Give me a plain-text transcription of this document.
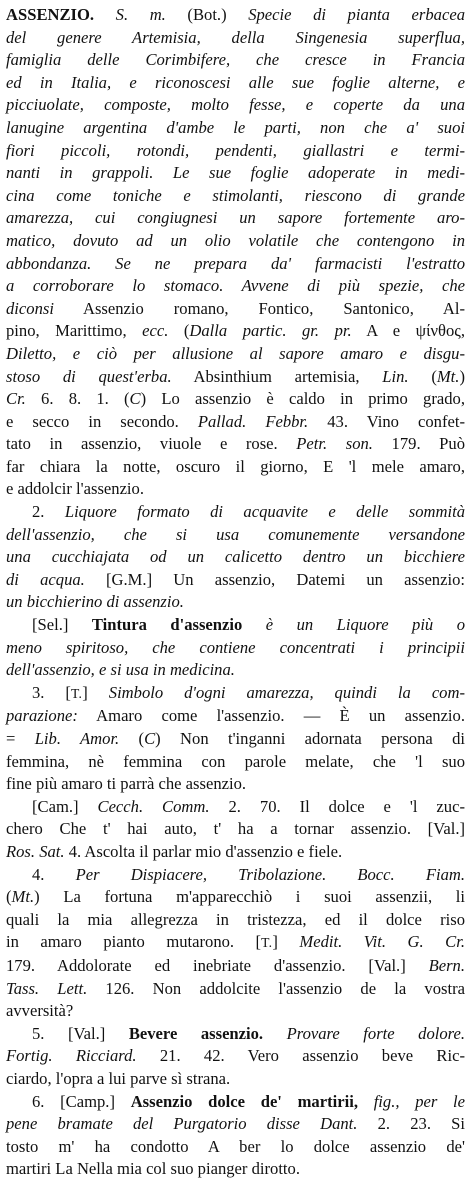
ASSENZIO. S. m. (Bot.) Specie di pianta erbacea
del genere Artemisia, della Singenesia superflua,
famiglia delle Corimbifere, che cresce in Francia
ed in Italia, e riconoscesi alle sue foglie alterne, e
picciuolate, composte, molto fesse, e coperte da una
lanugine argentina d'ambe le parti, non che a' suoi
fiori piccoli, rotondi, pendenti, giallastri e termi-
nanti in grappoli. Le sue foglie adoperate in medi-
cina come toniche e stimolanti, riescono di grande
amarezza, cui congiugnesi un sapore fortemente aro-
matico, dovuto ad un olio volatile che contengono in
abbondanza. Se ne prepara da' farmacisti l'estratto
a corroborare lo stomaco. Avvene di più spezie, che
diconsi Assenzio romano, Fontico, Santonico, Al-
pino, Marittimo, ecc. (Dalla partic. gr. pr. A e ψίνθος,
Diletto, e ciò per allusione al sapore amaro e disgu-
stoso di quest'erba. Absinthium artemisia, Lin. (Mt.)
Cr. 6. 8. 1. (C) Lo assenzio è caldo in primo grado,
e secco in secondo. Pallad. Febbr. 43. Vino confet-
tato in assenzio, viuole e rose. Petr. son. 179. Può
far chiara la notte, oscuro il giorno, E 'l mele amaro,
e addolcir l'assenzio.
2. Liquore formato di acquavite e delle sommità
dell'assenzio, che si usa comunemente versandone
una cucchiajata od un calicetto dentro un bicchiere
di acqua. [G.M.] Un assenzio, Datemi un assenzio:
un bicchierino di assenzio.
[Sel.] Tintura d'assenzio è un Liquore più o
meno spiritoso, che contiene concentrati i principii
dell'assenzio, e si usa in medicina.
3. [T.] Simbolo d'ogni amarezza, quindi la com-
parazione: Amaro come l'assenzio. — È un assenzio.
= Lib. Amor. (C) Non t'inganni adornata persona di
femmina, nè femmina con parole melate, che 'l suo
fine più amaro ti parrà che assenzio.
[Cam.] Cecch. Comm. 2. 70. Il dolce e 'l zuc-
chero Che t' hai auto, t' ha a tornar assenzio. [Val.]
Ros. Sat. 4. Ascolta il parlar mio d'assenzio e fiele.
4. Per Dispiacere, Tribolazione. Bocc. Fiam.
(Mt.) La fortuna m'apparecchiò i suoi assenzii, li
quali la mia allegrezza in tristezza, ed il dolce riso
in amaro pianto mutarono. [T.] Medit. Vit. G. Cr.
179. Addolorate ed inebriate d'assenzio. [Val.] Bern.
Tass. Lett. 126. Non addolcite l'assenzio de la vostra
avversità?
5. [Val.] Bevere assenzio. Provare forte dolore.
Fortig. Ricciard. 21. 42. Vero assenzio beve Ric-
ciardo, l'opra a lui parve sì strana.
6. [Camp.] Assenzio dolce de' martirii, fig., per le
pene bramate del Purgatorio disse Dant. 2. 23. Si
tosto m' ha condotto A ber lo dolce assenzio de'
martiri La Nella mia col suo pianger dirotto.
